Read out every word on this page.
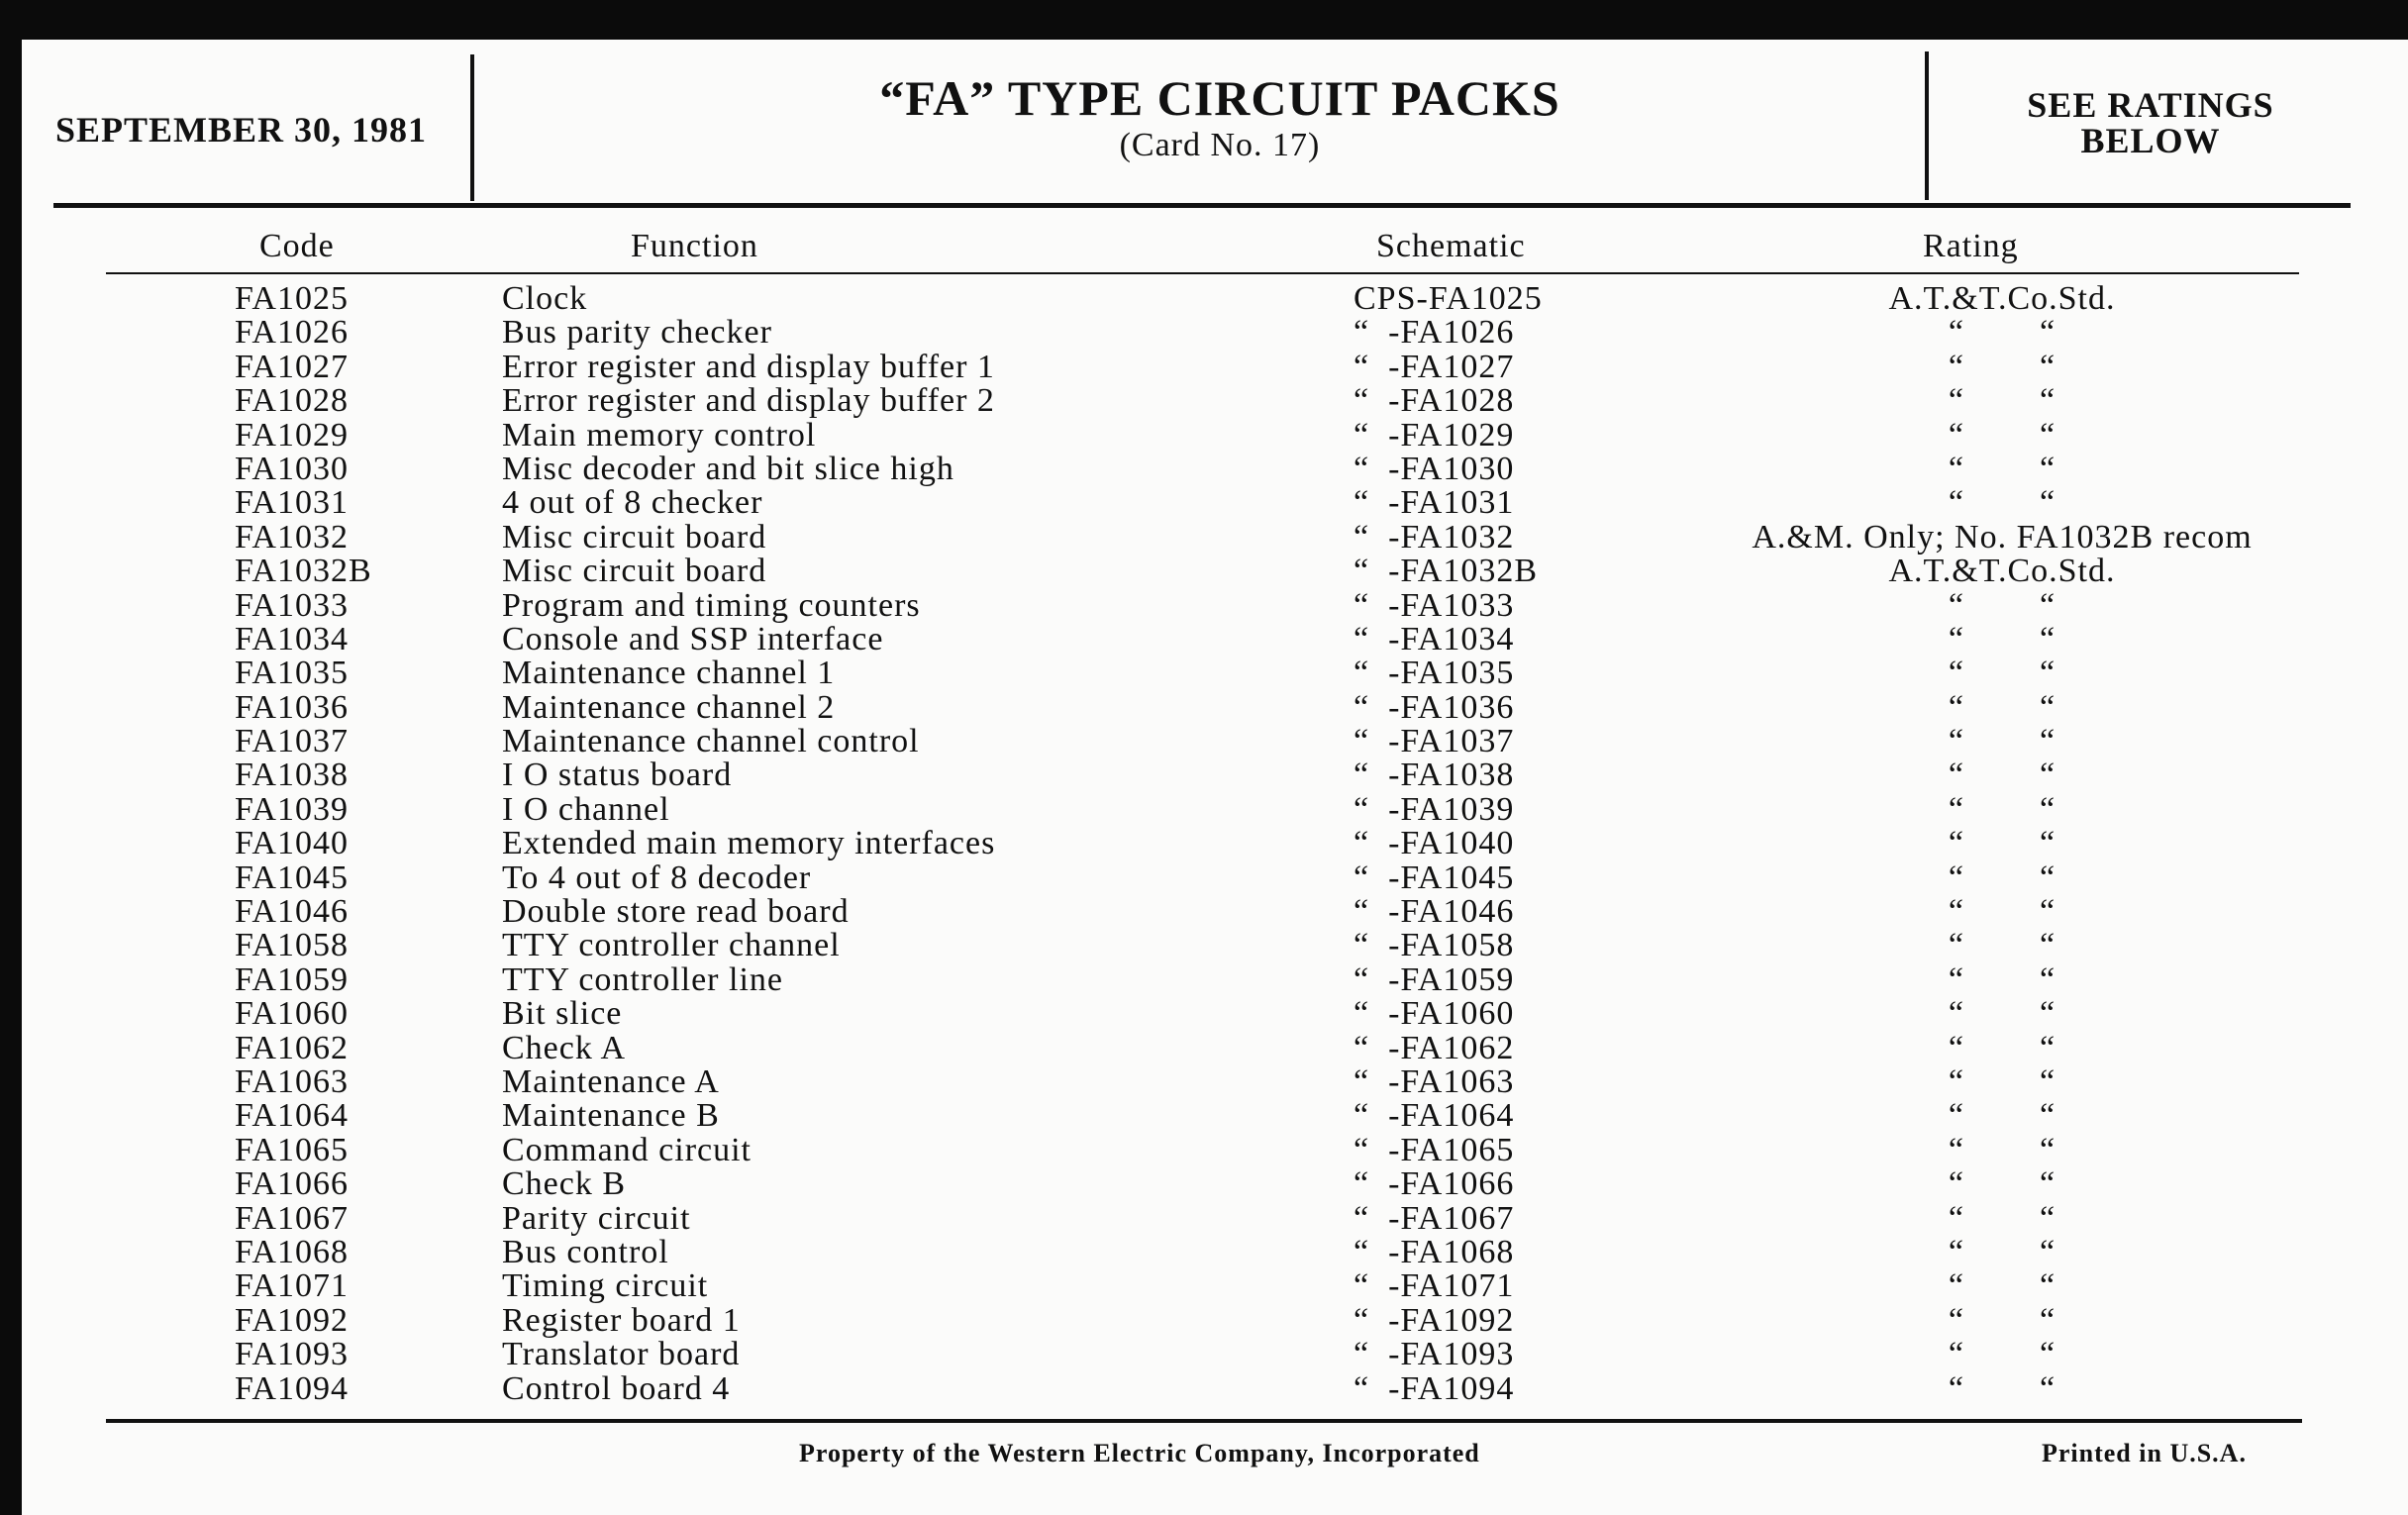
SEPTEMBER 30, 1981
“FA” TYPE CIRCUIT PACKS
(Card No. 17)
SEE RATINGS
BELOW
Code	Function	Schematic	Rating
FA1025	Clock	CPS-FA1025	A.T.&T.Co.Std.
FA1026	Bus parity checker	“  -FA1026	“        “
FA1027	Error register and display buffer 1	“  -FA1027	“        “
FA1028	Error register and display buffer 2	“  -FA1028	“        “
FA1029	Main memory control	“  -FA1029	“        “
FA1030	Misc decoder and bit slice high	“  -FA1030	“        “
FA1031	4 out of 8 checker	“  -FA1031	“        “
FA1032	Misc circuit board	“  -FA1032	A.&M. Only; No. FA1032B recom
FA1032B	Misc circuit board	“  -FA1032B	A.T.&T.Co.Std.
FA1033	Program and timing counters	“  -FA1033	“        “
FA1034	Console and SSP interface	“  -FA1034	“        “
FA1035	Maintenance channel 1	“  -FA1035	“        “
FA1036	Maintenance channel 2	“  -FA1036	“        “
FA1037	Maintenance channel control	“  -FA1037	“        “
FA1038	I O status board	“  -FA1038	“        “
FA1039	I O channel	“  -FA1039	“        “
FA1040	Extended main memory interfaces	“  -FA1040	“        “
FA1045	To 4 out of 8 decoder	“  -FA1045	“        “
FA1046	Double store read board	“  -FA1046	“        “
FA1058	TTY controller channel	“  -FA1058	“        “
FA1059	TTY controller line	“  -FA1059	“        “
FA1060	Bit slice	“  -FA1060	“        “
FA1062	Check A	“  -FA1062	“        “
FA1063	Maintenance A	“  -FA1063	“        “
FA1064	Maintenance B	“  -FA1064	“        “
FA1065	Command circuit	“  -FA1065	“        “
FA1066	Check B	“  -FA1066	“        “
FA1067	Parity circuit	“  -FA1067	“        “
FA1068	Bus control	“  -FA1068	“        “
FA1071	Timing circuit	“  -FA1071	“        “
FA1092	Register board 1	“  -FA1092	“        “
FA1093	Translator board	“  -FA1093	“        “
FA1094	Control board 4	“  -FA1094	“        “
Property of the Western Electric Company, Incorporated	Printed in U.S.A.
